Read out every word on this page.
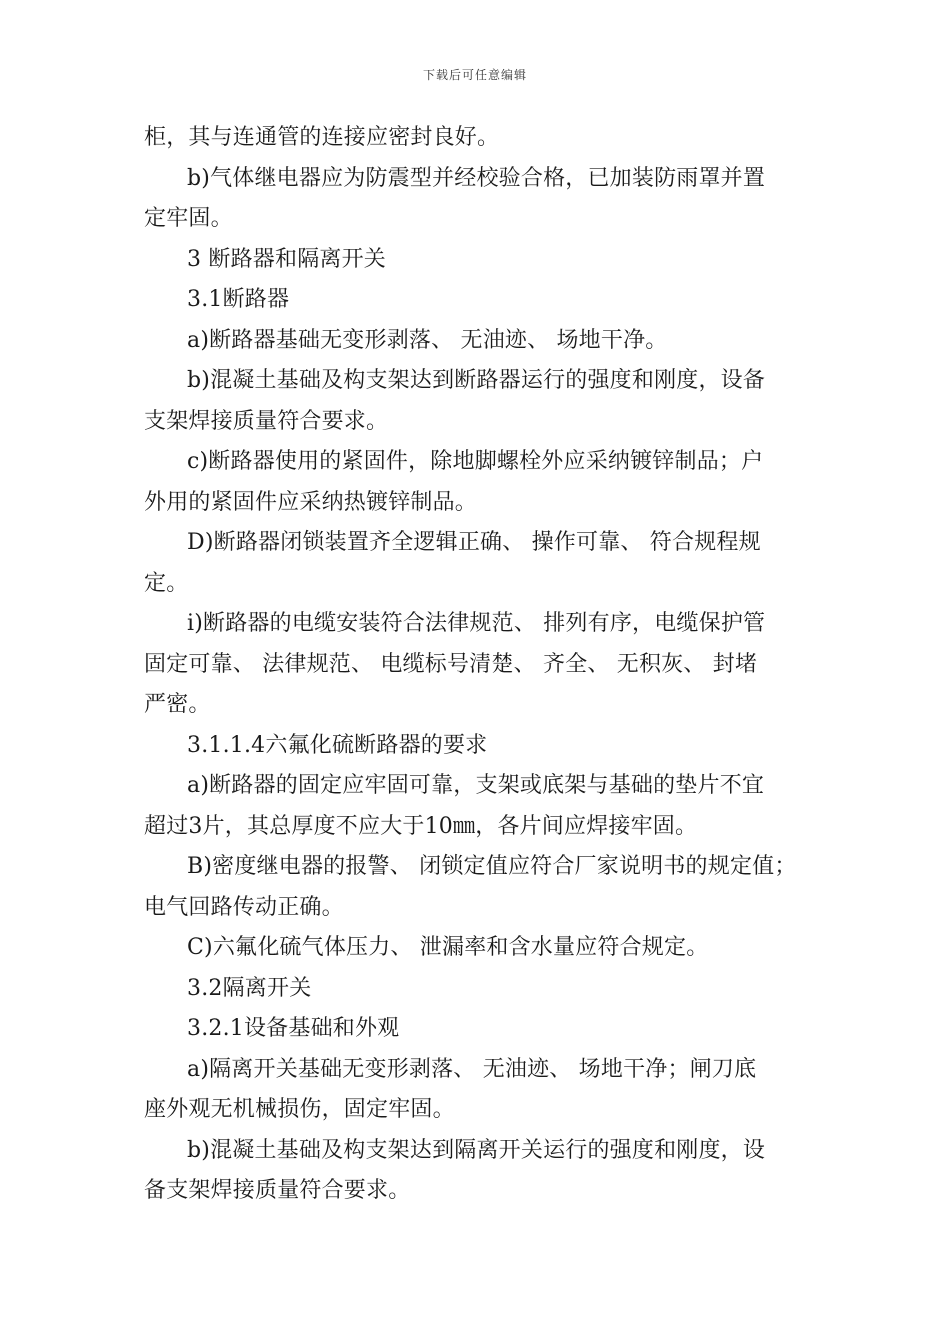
下载后可任意编辑
柜，其与连通管的连接应密封良好。
b)气体继电器应为防震型并经校验合格，已加装防雨罩并置
定牢固。
3 断路器和隔离开关
3.1断路器
a)断路器基础无变形剥落、 无油迹、 场地干净。
b)混凝土基础及构支架达到断路器运行的强度和刚度，设备
支架焊接质量符合要求。
c)断路器使用的紧固件，除地脚螺栓外应采纳镀锌制品；户
外用的紧固件应采纳热镀锌制品。
D)断路器闭锁装置齐全逻辑正确、 操作可靠、 符合规程规
定。
i)断路器的电缆安装符合法律规范、 排列有序，电缆保护管
固定可靠、 法律规范、 电缆标号清楚、 齐全、 无积灰、 封堵
严密。
3.1.1.4六氟化硫断路器的要求
a)断路器的固定应牢固可靠，支架或底架与基础的垫片不宜
超过3片，其总厚度不应大于10㎜，各片间应焊接牢固。
B)密度继电器的报警、 闭锁定值应符合厂家说明书的规定值；
电气回路传动正确。
C)六氟化硫气体压力、 泄漏率和含水量应符合规定。
3.2隔离开关
3.2.1设备基础和外观
a)隔离开关基础无变形剥落、 无油迹、 场地干净；闸刀底
座外观无机械损伤，固定牢固。
b)混凝土基础及构支架达到隔离开关运行的强度和刚度，设
备支架焊接质量符合要求。
